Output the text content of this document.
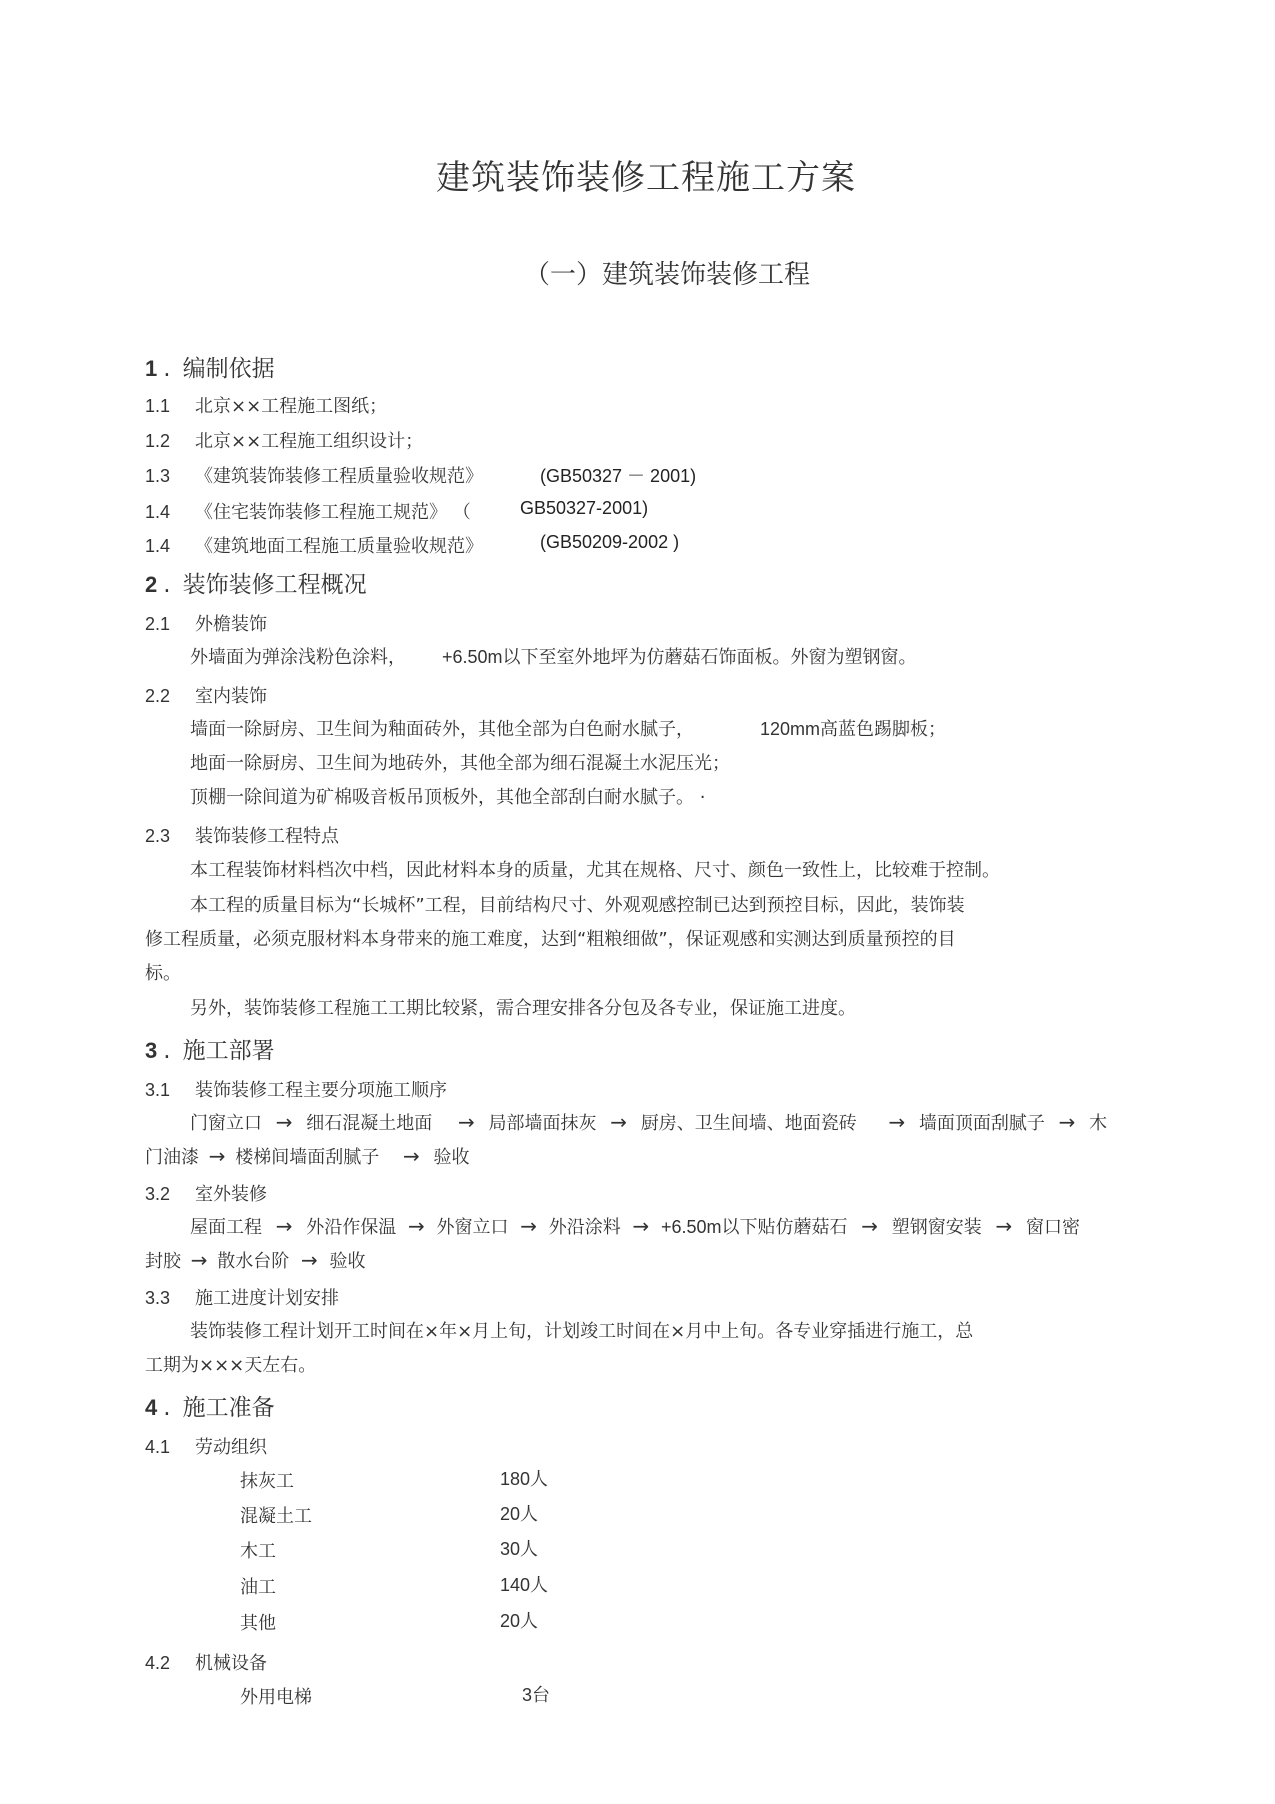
建筑装饰装修工程施工方案
（一）建筑装饰装修工程
1 . 编制依据
1.1 北京××工程施工图纸；
1.2 北京××工程施工组织设计；
1.3 《建筑装饰装修工程质量验收规范》	(GB50327 － 2001)
1.4 《住宅装饰装修工程施工规范》 （	GB50327-2001)
1.4 《建筑地面工程施工质量验收规范》	(GB50209-2002 )
2 . 装饰装修工程概况
2.1 外檐装饰
外墙面为弹涂浅粉色涂料， +6.50m以下至室外地坪为仿蘑菇石饰面板。外窗为塑钢窗。
2.2 室内装饰
墙面一除厨房、卫生间为釉面砖外，其他全部为白色耐水腻子，	120mm高蓝色踢脚板；
地面一除厨房、卫生间为地砖外，其他全部为细石混凝土水泥压光；
顶棚一除间道为矿棉吸音板吊顶板外，其他全部刮白耐水腻子。 ·
2.3 装饰装修工程特点
本工程装饰材料档次中档，因此材料本身的质量，尤其在规格、尺寸、颜色一致性上，比较难于控制。
本工程的质量目标为“长城杯”工程，目前结构尺寸、外观观感控制已达到预控目标，因此，装饰装
修工程质量，必须克服材料本身带来的施工难度，达到“粗粮细做”，保证观感和实测达到质量预控的目
标。
另外，装饰装修工程施工工期比较紧，需合理安排各分包及各专业，保证施工进度。
3 . 施工部署
3.1 装饰装修工程主要分项施工顺序
门窗立口 → 细石混凝土地面 → 局部墙面抹灰 → 厨房、卫生间墙、地面瓷砖 → 墙面顶面刮腻子 → 木
门油漆 → 楼梯间墙面刮腻子 → 验收
3.2 室外装修
屋面工程 → 外沿作保温 → 外窗立口 → 外沿涂料 → +6.50m以下贴仿蘑菇石 → 塑钢窗安装 → 窗口密
封胶 → 散水台阶 → 验收
3.3 施工进度计划安排
装饰装修工程计划开工时间在×年×月上旬，计划竣工时间在×月中上旬。各专业穿插进行施工，总
工期为×××天左右。
4 . 施工准备
4.1 劳动组织
抹灰工	180人
混凝土工	20人
木工	30人
油工	140人
其他	20人
4.2 机械设备
外用电梯	3台
